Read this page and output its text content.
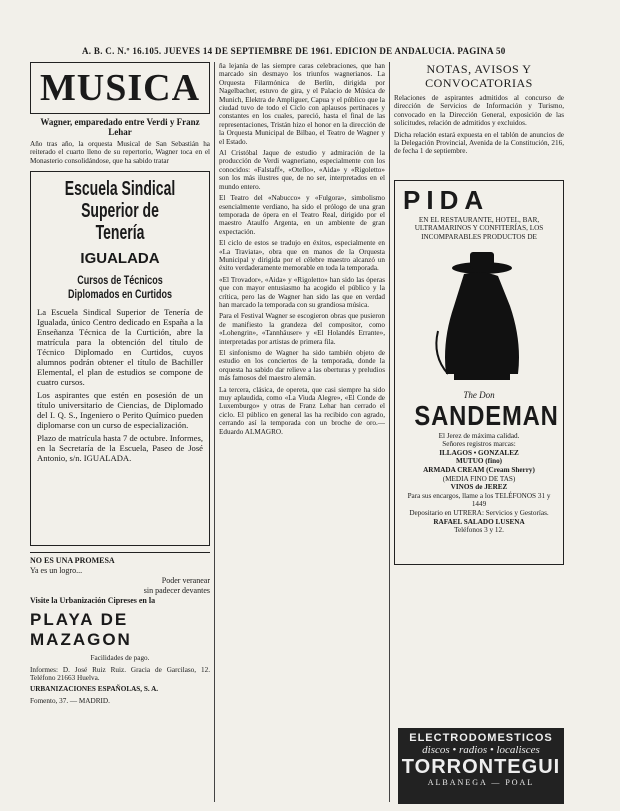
A. B. C. N.º 16.105. JUEVES 14 DE SEPTIEMBRE DE 1961. EDICION DE ANDALUCIA. PAGINA 50
MUSICA
Wagner, emparedado entre Verdi y Franz Lehar

Año tras año, la orquesta Musical de San Sebastián ha reiterado el cuarto lleno de su repertorio, Wagner toca en el Monasterio consolidándose, que ha sabido tratar

Escuela Sindical Superior de Tenería
IGUALADA
Cursos de Técnicos Diplomados en Curtidos

La Escuela Sindical Superior de Tenería de Igualada, único Centro dedicado en España a la Enseñanza Técnica de la Curtición, abre la matrícula para la obtención del título de Técnico Diplomado en Curtidos, cuyos alumnos podrán obtener el título de Bachiller Elemental, el plan de estudios se compone de cuatro cursos.

Los aspirantes que estén en posesión de un título universitario de Ciencias, de Diplomado del I. Q. S., Ingeniero o Perito Químico pueden diplomarse con un curso de especialización.

Plazo de matrícula hasta 7 de octubre. Informes, en la Secretaría de la Escuela, Paseo de José Antonio, s/n. IGUALADA.

NO ES UNA PROMESA
Ya es un logro...
Poder veranear
sin padecer devantes
Visite la Urbanización Cipreses en la
PLAYA DE MAZAGON
Facilidades de pago.
Informes: D. José Ruiz Ruiz. Gracia de Garcilaso, 12. Teléfono 21663 Huelva.
URBANIZACIONES ESPAÑOLAS, S. A.
Fomento, 37. — MADRID.

ña lejanía de las siempre caras celebraciones, que han marcado sin desmayo los triunfos wagnerianos. La Orquesta Filarmónica de Berlín, dirigida por Nagelbacher, estuvo de gira, y el Palacio de Música de Munich, Elektra de Ampliguer, Capua y el público que la ciudad tuvo de todo el Ciclo con aplausos pertinaces y constantes en los cuales, pareció, hasta el final de las representaciones, Tristán hizo el honor en la dirección de la Orquesta Municipal de Bilbao, el Teatro de Wagner y el Estado.

Al Cristóbal Jaque de estudio y admiración de la producción de Verdi wagneriano, especialmente con los conocidos: «Falstaff», «Otello», «Aida» y «Rigoletto» son los más ilustres que, de no ser, interpretados en el mundo entero.

El Teatro del «Nabucco» y «Fulgora», simbolismo esencialmente verdiano, ha sido el prólogo de una gran temporada de ópera en el Teatro Real, dirigido por el maestro Ataulfo Argenta, en un ambiente de gran expectación.

El ciclo de estos se tradujo en éxitos, especialmente en «La Traviata», obra que en manos de la Orquesta Municipal y dirigida por el célebre maestro alcanzó un éxito verdaderamente memorable en toda la temporada.

«El Trovador», «Aida» y «Rigoletto» han sido las óperas que con mayor entusiasmo ha acogido el público y la crítica, pero las de Wagner han sido las que en verdad han marcado la temporada con su grandiosa música.

Para el Festival Wagner se escogieron obras que pusieron de manifiesto la grandeza del compositor, como «Lohengrin», «Tannhäuser» y «El Holandés Errante», interpretadas por artistas de primera fila.

El sinfonismo de Wagner ha sido también objeto de estudio en los conciertos de la temporada, donde la orquesta ha sabido dar relieve a las oberturas y preludios más famosos del maestro alemán.

La tercera, clásica, de opereta, que casi siempre ha sido muy aplaudida, como «La Viuda Alegre», «El Conde de Luxemburgo» y otras de Franz Lehar han cerrado el ciclo. El público en general las ha recibido con agrado, cerrando así la temporada con un broche de oro.—Eduardo ALMAGRO.

NOTAS, AVISOS Y CONVOCATORIAS

Relaciones de aspirantes admitidos al concurso de dirección de Servicios de Información y Turismo, convocado en la Dirección General, exposición de las solicitudes, relación de admitidos y excluidos.

Dicha relación estará expuesta en el tablón de anuncios de la Delegación Provincial, Avenida de la Constitución, 216, de fecha 1 de septiembre.

PIDA
EN EL RESTAURANTE, HOTEL, BAR, ULTRAMARINOS Y CONFITERÍAS, LOS INCOMPARABLES PRODUCTOS DE
The Don
SANDEMAN
El Jerez de máxima calidad.
Señores registros marcas:
ILLAGOS • GONZALEZ
MUTUO (fino)
ARMADA CREAM (Cream Sherry)
(MEDIA FINO DE TAS)
VINOS de JEREZ
Para sus encargos, llame a los TELÉFONOS 31 y 1449
Depositario en UTRERA: Servicios y Gestorías.
RAFAEL SALADO LUSENA
Teléfonos 3 y 12.
ELECTRODOMESTICOS
discos • radios • localisces
TORRONTEGUI
ALBANEGA — POAL
